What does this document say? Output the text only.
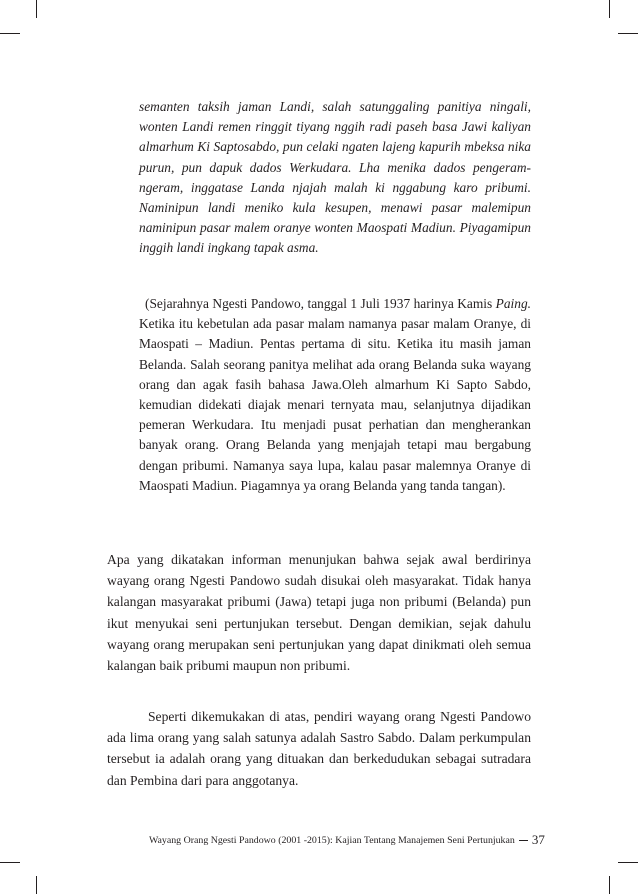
semanten taksih jaman Landi, salah satunggaling panitiya ningali, wonten Landi remen ringgit tiyang nggih radi paseh basa Jawi kaliyan almarhum Ki Saptosabdo, pun celaki ngaten lajeng kapurih mbeksa nika purun, pun dapuk dados Werkudara. Lha menika dados pengeram-ngeram, inggatase Landa njajah malah ki nggabung karo pribumi. Naminipun landi meniko kula kesupen, menawi pasar malemipun naminipun pasar malem oranye wonten Maospati Madiun. Piyagamipun inggih landi ingkang tapak asma.

(Sejarahnya Ngesti Pandowo, tanggal 1 Juli 1937 harinya Kamis Paing. Ketika itu kebetulan ada pasar malam namanya pasar malam Oranye, di Maospati – Madiun. Pentas pertama di situ. Ketika itu masih jaman Belanda. Salah seorang panitya melihat ada orang Belanda suka wayang orang dan agak fasih bahasa Jawa.Oleh almarhum Ki Sapto Sabdo, kemudian didekati diajak menari ternyata mau, selanjutnya dijadikan pemeran Werkudara. Itu menjadi pusat perhatian dan mengherankan banyak orang. Orang Belanda yang menjajah tetapi mau bergabung dengan pribumi. Namanya saya lupa, kalau pasar malemnya Oranye di Maospati Madiun. Piagamnya ya orang Belanda yang tanda tangan).

Apa yang dikatakan informan menunjukan bahwa sejak awal berdirinya wayang orang Ngesti Pandowo sudah disukai oleh masyarakat. Tidak hanya kalangan masyarakat pribumi (Jawa) tetapi juga non pribumi (Belanda) pun ikut menyukai seni pertunjukan tersebut. Dengan demikian, sejak dahulu wayang orang merupakan seni pertunjukan yang dapat dinikmati oleh semua kalangan baik pribumi maupun non pribumi.

Seperti dikemukakan di atas, pendiri wayang orang Ngesti Pandowo ada lima orang yang salah satunya adalah Sastro Sabdo. Dalam perkumpulan tersebut ia adalah orang yang dituakan dan berkedudukan sebagai sutradara dan Pembina dari para anggotanya.

Wayang Orang Ngesti Pandowo (2001 -2015): Kajian Tentang Manajemen Seni Pertunjukan 37
